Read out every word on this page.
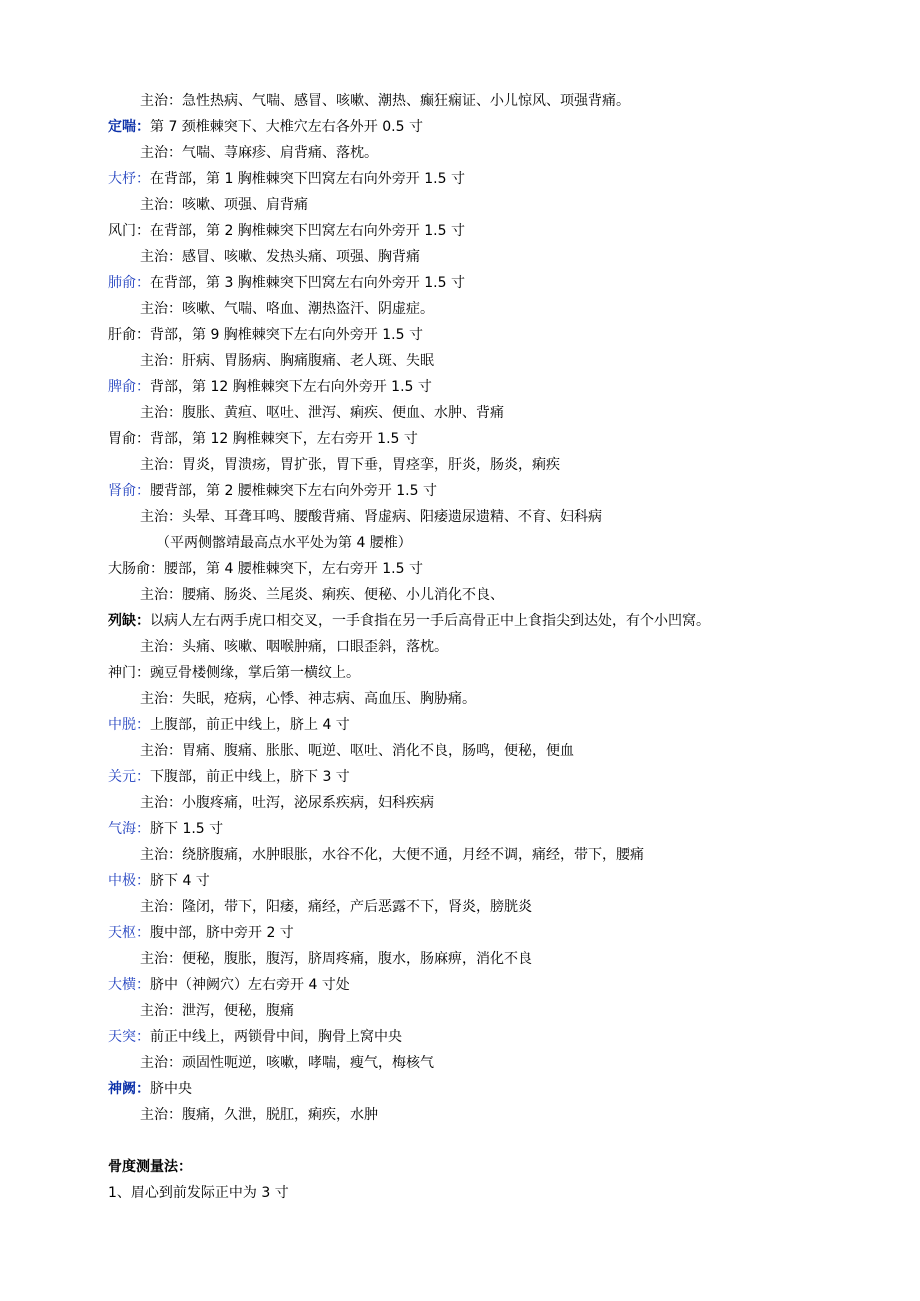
主治：急性热病、气喘、感冒、咳嗽、潮热、癫狂痫证、小儿惊风、项强背痛。
定喘：第 7 颈椎棘突下、大椎穴左右各外开 0.5 寸
主治：气喘、荨麻疹、肩背痛、落枕。
大杼：在背部，第 1 胸椎棘突下凹窝左右向外旁开 1.5 寸
主治：咳嗽、项强、肩背痛
风门：在背部，第 2 胸椎棘突下凹窝左右向外旁开 1.5 寸
主治：感冒、咳嗽、发热头痛、项强、胸背痛
肺俞：在背部，第 3 胸椎棘突下凹窝左右向外旁开 1.5 寸
主治：咳嗽、气喘、咯血、潮热盗汗、阴虚症。
肝俞：背部，第 9 胸椎棘突下左右向外旁开 1.5 寸
主治：肝病、胃肠病、胸痛腹痛、老人斑、失眠
脾俞：背部，第 12 胸椎棘突下左右向外旁开 1.5 寸
主治：腹胀、黄疸、呕吐、泄泻、痢疾、便血、水肿、背痛
胃俞：背部，第 12 胸椎棘突下，左右旁开 1.5 寸
主治：胃炎，胃溃疡，胃扩张，胃下垂，胃痉挛，肝炎，肠炎，痢疾
肾俞：腰背部，第 2 腰椎棘突下左右向外旁开 1.5 寸
主治：头晕、耳聋耳鸣、腰酸背痛、肾虚病、阳痿遗尿遗精、不育、妇科病
（平两侧髂靖最高点水平处为第 4 腰椎）
大肠俞：腰部，第 4 腰椎棘突下，左右旁开 1.5 寸
主治：腰痛、肠炎、兰尾炎、痢疾、便秘、小儿消化不良、
列缺：以病人左右两手虎口相交叉，一手食指在另一手后高骨正中上食指尖到达处，有个小凹窝。
主治：头痛、咳嗽、咽喉肿痛，口眼歪斜，落枕。
神门：豌豆骨楼侧缘，掌后第一横纹上。
主治：失眠，疮病，心悸、神志病、高血压、胸胁痛。
中脱：上腹部，前正中线上，脐上 4 寸
主治：胃痛、腹痛、胀胀、呃逆、呕吐、消化不良，肠鸣，便秘，便血
关元：下腹部，前正中线上，脐下 3 寸
主治：小腹疼痛，吐泻，泌尿系疾病，妇科疾病
气海：脐下 1.5 寸
主治：绕脐腹痛，水肿眼胀，水谷不化，大便不通，月经不调，痛经，带下，腰痛
中极：脐下 4 寸
主治：隆闭，带下，阳痿，痛经，产后恶露不下，肾炎，膀胱炎
天枢：腹中部，脐中旁开 2 寸
主治：便秘，腹胀，腹泻，脐周疼痛，腹水，肠麻痹，消化不良
大横：脐中（神阙穴）左右旁开 4 寸处
主治：泄泻，便秘，腹痛
天突：前正中线上，两锁骨中间，胸骨上窝中央
主治：顽固性呃逆，咳嗽，哮喘，瘦气，梅核气
神阙：脐中央
主治：腹痛，久泄，脱肛，痢疾，水肿
骨度测量法：
1、眉心到前发际正中为 3 寸
